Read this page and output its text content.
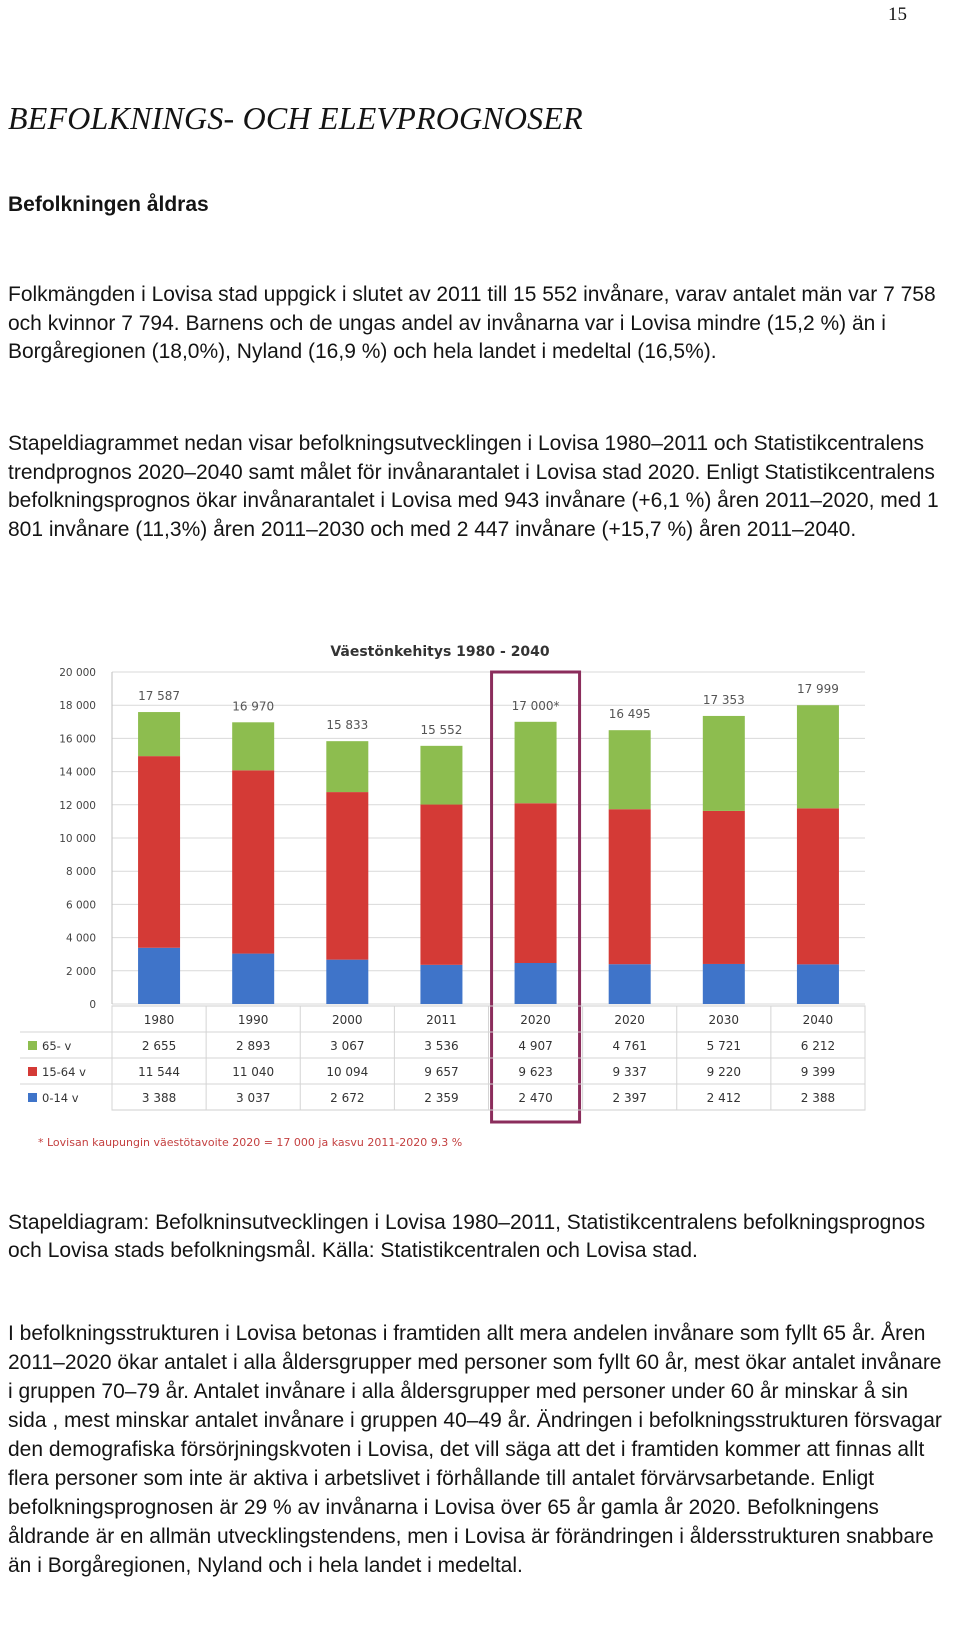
15
BEFOLKNINGS- OCH ELEVPROGNOSER
Befolkningen åldras

Folkmängden i Lovisa stad uppgick i slutet av 2011 till 15 552 invånare, varav antalet män var 7 758 och kvinnor 7 794. Barnens och de ungas andel av invånarna var i Lovisa mindre (15,2 %) än i Borgåregionen (18,0%), Nyland (16,9 %) och hela landet i medeltal (16,5%).

Stapeldiagrammet nedan visar befolkningsutvecklingen i Lovisa 1980–2011 och Statistikcentralens trendprognos 2020–2040 samt målet för invånarantalet i Lovisa stad 2020. Enligt Statistikcentralens befolkningsprognos ökar invånarantalet i Lovisa med 943 invånare (+6,1 %) åren 2011–2020, med 1 801 invånare (11,3%) åren 2011–2030 och med 2 447 invånare (+15,7 %) åren 2011–2040.

Väestönkehitys 1980 - 2040
0
2 000
4 000
6 000
8 000
10 000
12 000
14 000
16 000
18 000
20 000
17 587
16 970
15 833	15 552
17 000*
16 495
17 353
17 999
1980	1990	2000	2011	2020	2020	2030	2040
65- v	2 655	2 893	3 067	3 536	4 907	4 761	5 721	6 212
15-64 v	11 544	11 040	10 094	9 657	9 623	9 337	9 220	9 399
0-14 v	3 388	3 037	2 672	2 359	2 470	2 397	2 412	2 388
* Lovisan kaupungin väestötavoite 2020 = 17 000 ja kasvu 2011-2020 9.3 %

Stapeldiagram: Befolkninsutvecklingen i Lovisa 1980–2011, Statistikcentralens befolkningsprognos och Lovisa stads befolkningsmål. Källa: Statistikcentralen och Lovisa stad.

I befolkningsstrukturen i Lovisa betonas i framtiden allt mera andelen invånare som fyllt 65 år. Åren 2011–2020 ökar antalet i alla åldersgrupper med personer som fyllt 60 år, mest ökar antalet invånare i gruppen 70–79 år. Antalet invånare i alla åldersgrupper med personer under 60 år minskar å sin sida , mest minskar antalet invånare i gruppen 40–49 år. Ändringen i befolkningsstrukturen försvagar den demografiska försörjningskvoten i Lovisa, det vill säga att det i framtiden kommer att finnas allt flera personer som inte är aktiva i arbetslivet i förhållande till antalet förvärvsarbetande. Enligt befolkningsprognosen är 29 % av invånarna i Lovisa över 65 år gamla år 2020. Befolkningens åldrande är en allmän utvecklingstendens, men i Lovisa är förändringen i åldersstrukturen snabbare än i Borgåregionen, Nyland och i hela landet i medeltal.
